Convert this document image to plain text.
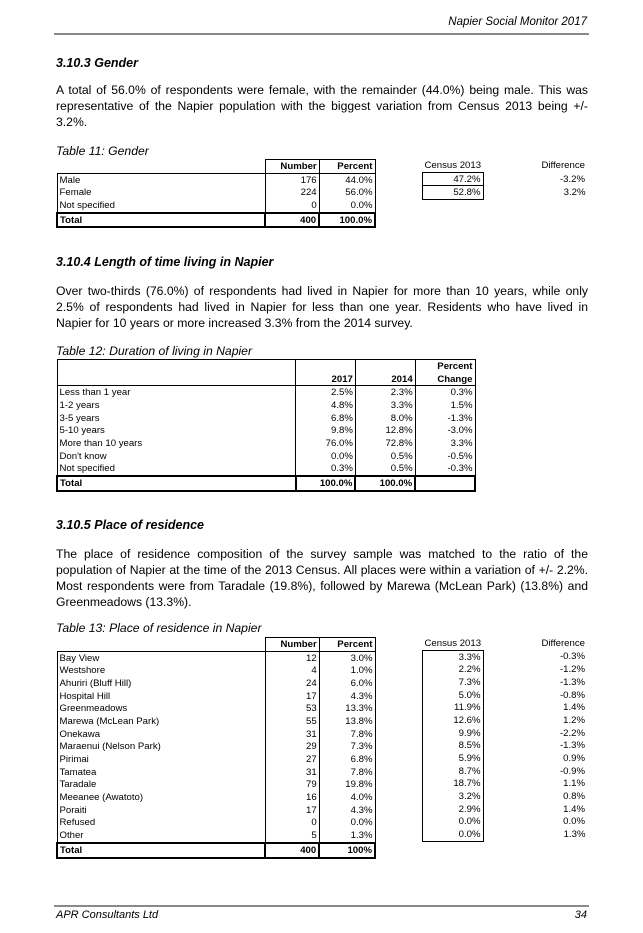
Napier Social Monitor 2017
3.10.3 Gender
A total of 56.0% of respondents were female, with the remainder (44.0%) being male. This was representative of the Napier population with the biggest variation from Census 2013 being +/- 3.2%.
Table 11: Gender
	Number	Percent
Male	176	44.0%
Female	224	56.0%
Not specified	0	0.0%
Total	400	100.0%
Census 2013	Difference
47.2%	-3.2%
52.8%	3.2%
3.10.4 Length of time living in Napier
Over two-thirds (76.0%) of respondents had lived in Napier for more than 10 years, while only 2.5% of respondents had lived in Napier for less than one year. Residents who have lived in Napier for 10 years or more increased 3.3% from the 2014 survey.
Table 12: Duration of living in Napier
			Percent
	2017	2014	Change
Less than 1 year	2.5%	2.3%	0.3%
1-2 years	4.8%	3.3%	1.5%
3-5 years	6.8%	8.0%	-1.3%
5-10 years	9.8%	12.8%	-3.0%
More than 10 years	76.0%	72.8%	3.3%
Don't know	0.0%	0.5%	-0.5%
Not specified	0.3%	0.5%	-0.3%
Total	100.0%	100.0%	
3.10.5 Place of residence
The place of residence composition of the survey sample was matched to the ratio of the population of Napier at the time of the 2013 Census. All places were within a variation of +/- 2.2%. Most respondents were from Taradale (19.8%), followed by Marewa (McLean Park) (13.8%) and Greenmeadows (13.3%).
Table 13: Place of residence in Napier
	Number	Percent
Bay View	12	3.0%
Westshore	4	1.0%
Ahuriri (Bluff Hill)	24	6.0%
Hospital Hill	17	4.3%
Greenmeadows	53	13.3%
Marewa (McLean Park)	55	13.8%
Onekawa	31	7.8%
Maraenui (Nelson Park)	29	7.3%
Pirimai	27	6.8%
Tamatea	31	7.8%
Taradale	79	19.8%
Meeanee (Awatoto)	16	4.0%
Poraiti	17	4.3%
Refused	0	0.0%
Other	5	1.3%
Total	400	100%
Census 2013	Difference
3.3%	-0.3%
2.2%	-1.2%
7.3%	-1.3%
5.0%	-0.8%
11.9%	1.4%
12.6%	1.2%
9.9%	-2.2%
8.5%	-1.3%
5.9%	0.9%
8.7%	-0.9%
18.7%	1.1%
3.2%	0.8%
2.9%	1.4%
0.0%	0.0%
0.0%	1.3%
APR Consultants Ltd	34
